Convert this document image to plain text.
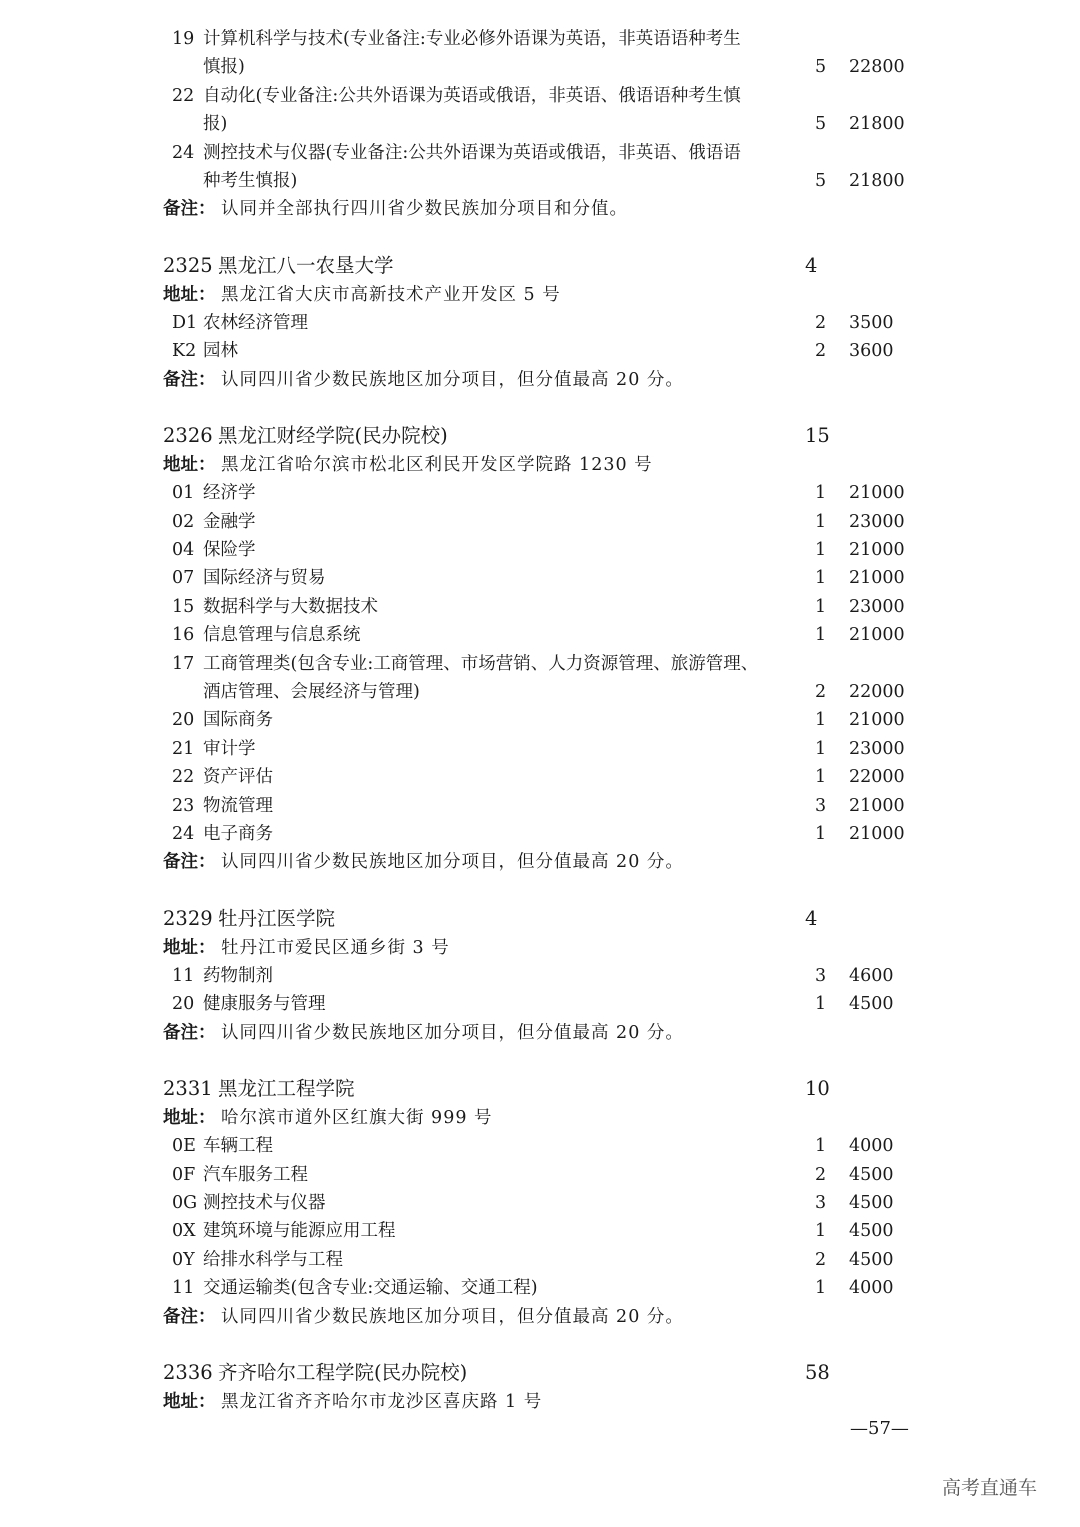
19 计算机科学与技术(专业备注:专业必修外语课为英语，非英语语种考生
慎报)	5 22800
22 自动化(专业备注:公共外语课为英语或俄语，非英语、俄语语种考生慎
报)	5 21800
24 测控技术与仪器(专业备注:公共外语课为英语或俄语，非英语、俄语语
种考生慎报)	5 21800
备注： 认同并全部执行四川省少数民族加分项目和分值。
2325 黑龙江八一农垦大学	4
地址： 黑龙江省大庆市高新技术产业开发区 5 号
D1 农林经济管理	2 3500
K2 园林	2 3600
备注： 认同四川省少数民族地区加分项目，但分值最高 20 分。
2326 黑龙江财经学院(民办院校)	15
地址： 黑龙江省哈尔滨市松北区利民开发区学院路 1230 号
01 经济学	1 21000
02 金融学	1 23000
04 保险学	1 21000
07 国际经济与贸易	1 21000
15 数据科学与大数据技术	1 23000
16 信息管理与信息系统	1 21000
17 工商管理类(包含专业:工商管理、市场营销、人力资源管理、旅游管理、
酒店管理、会展经济与管理)	2 22000
20 国际商务	1 21000
21 审计学	1 23000
22 资产评估	1 22000
23 物流管理	3 21000
24 电子商务	1 21000
备注： 认同四川省少数民族地区加分项目，但分值最高 20 分。
2329 牡丹江医学院	4
地址： 牡丹江市爱民区通乡街 3 号
11 药物制剂	3 4600
20 健康服务与管理	1 4500
备注： 认同四川省少数民族地区加分项目，但分值最高 20 分。
2331 黑龙江工程学院	10
地址： 哈尔滨市道外区红旗大街 999 号
0E 车辆工程	1 4000
0F 汽车服务工程	2 4500
0G 测控技术与仪器	3 4500
0X 建筑环境与能源应用工程	1 4500
0Y 给排水科学与工程	2 4500
11 交通运输类(包含专业:交通运输、交通工程)	1 4000
备注： 认同四川省少数民族地区加分项目，但分值最高 20 分。
2336 齐齐哈尔工程学院(民办院校)	58
地址： 黑龙江省齐齐哈尔市龙沙区喜庆路 1 号
—57—
高考直通车
